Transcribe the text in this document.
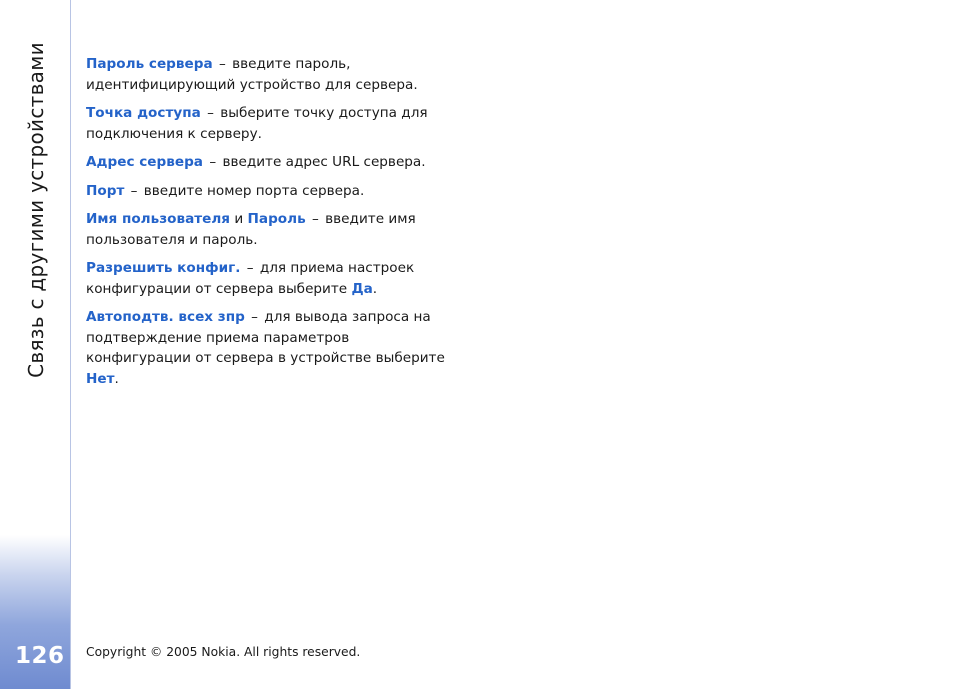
Связь с другими устройствами
126

Пароль сервера – введите пароль, идентифицирующий устройство для сервера.

Точка доступа – выберите точку доступа для подключения к серверу.

Адрес сервера – введите адрес URL сервера.

Порт – введите номер порта сервера.

Имя пользователя и Пароль – введите имя пользователя и пароль.

Разрешить конфиг. – для приема настроек конфигурации от сервера выберите Да.

Автоподтв. всех зпр – для вывода запроса на подтверждение приема параметров конфигурации от сервера в устройстве выберите Нет.

Copyright © 2005 Nokia. All rights reserved.
